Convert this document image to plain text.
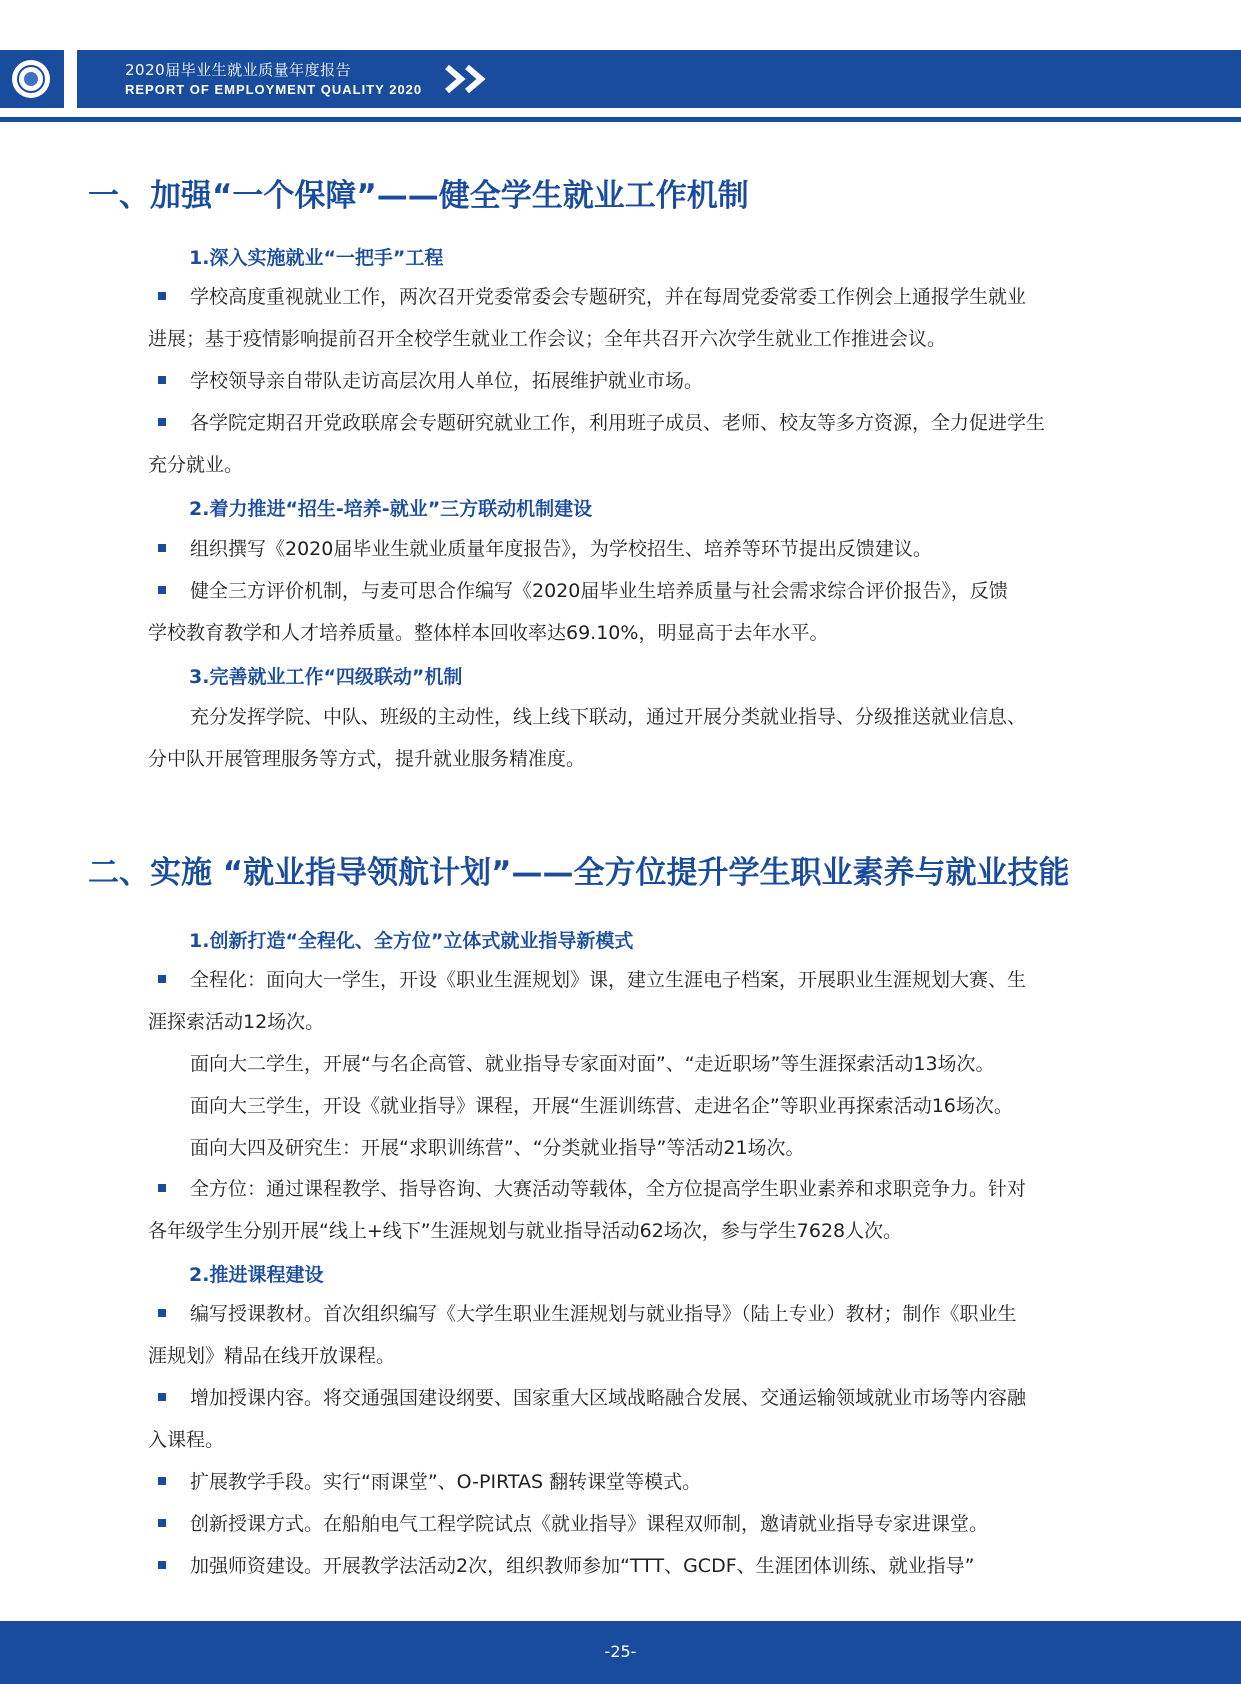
2020届毕业生就业质量年度报告
REPORT OF EMPLOYMENT QUALITY 2020
一、加强“一个保障”——健全学生就业工作机制
1.深入实施就业“一把手”工程

学校高度重视就业工作，两次召开党委常委会专题研究，并在每周党委常委工作例会上通报学生就业
进展；基于疫情影响提前召开全校学生就业工作会议；全年共召开六次学生就业工作推进会议。

学校领导亲自带队走访高层次用人单位，拓展维护就业市场。

各学院定期召开党政联席会专题研究就业工作，利用班子成员、老师、校友等多方资源，全力促进学生
充分就业。

2.着力推进“招生-培养-就业”三方联动机制建设

组织撰写《2020届毕业生就业质量年度报告》，为学校招生、培养等环节提出反馈建议。

健全三方评价机制，与麦可思合作编写《2020届毕业生培养质量与社会需求综合评价报告》，反馈
学校教育教学和人才培养质量。整体样本回收率达69.10%，明显高于去年水平。

3.完善就业工作“四级联动”机制

充分发挥学院、中队、班级的主动性，线上线下联动，通过开展分类就业指导、分级推送就业信息、
分中队开展管理服务等方式，提升就业服务精准度。

二、实施 “就业指导领航计划”——全方位提升学生职业素养与就业技能
1.创新打造“全程化、全方位”立体式就业指导新模式

全程化：面向大一学生，开设《职业生涯规划》课，建立生涯电子档案，开展职业生涯规划大赛、生
涯探索活动12场次。

面向大二学生，开展“与名企高管、就业指导专家面对面”、“走近职场”等生涯探索活动13场次。
面向大三学生，开设《就业指导》课程，开展“生涯训练营、走进名企”等职业再探索活动16场次。
面向大四及研究生：开展“求职训练营”、“分类就业指导”等活动21场次。

全方位：通过课程教学、指导咨询、大赛活动等载体，全方位提高学生职业素养和求职竞争力。针对
各年级学生分别开展“线上+线下”生涯规划与就业指导活动62场次，参与学生7628人次。

2.推进课程建设

编写授课教材。首次组织编写《大学生职业生涯规划与就业指导》（陆上专业）教材；制作《职业生
涯规划》精品在线开放课程。

增加授课内容。将交通强国建设纲要、国家重大区域战略融合发展、交通运输领域就业市场等内容融
入课程。

扩展教学手段。实行“雨课堂”、O-PIRTAS 翻转课堂等模式。

创新授课方式。在船舶电气工程学院试点《就业指导》课程双师制，邀请就业指导专家进课堂。

加强师资建设。开展教学法活动2次，组织教师参加“TTT、GCDF、生涯团体训练、就业指导”

-25-
